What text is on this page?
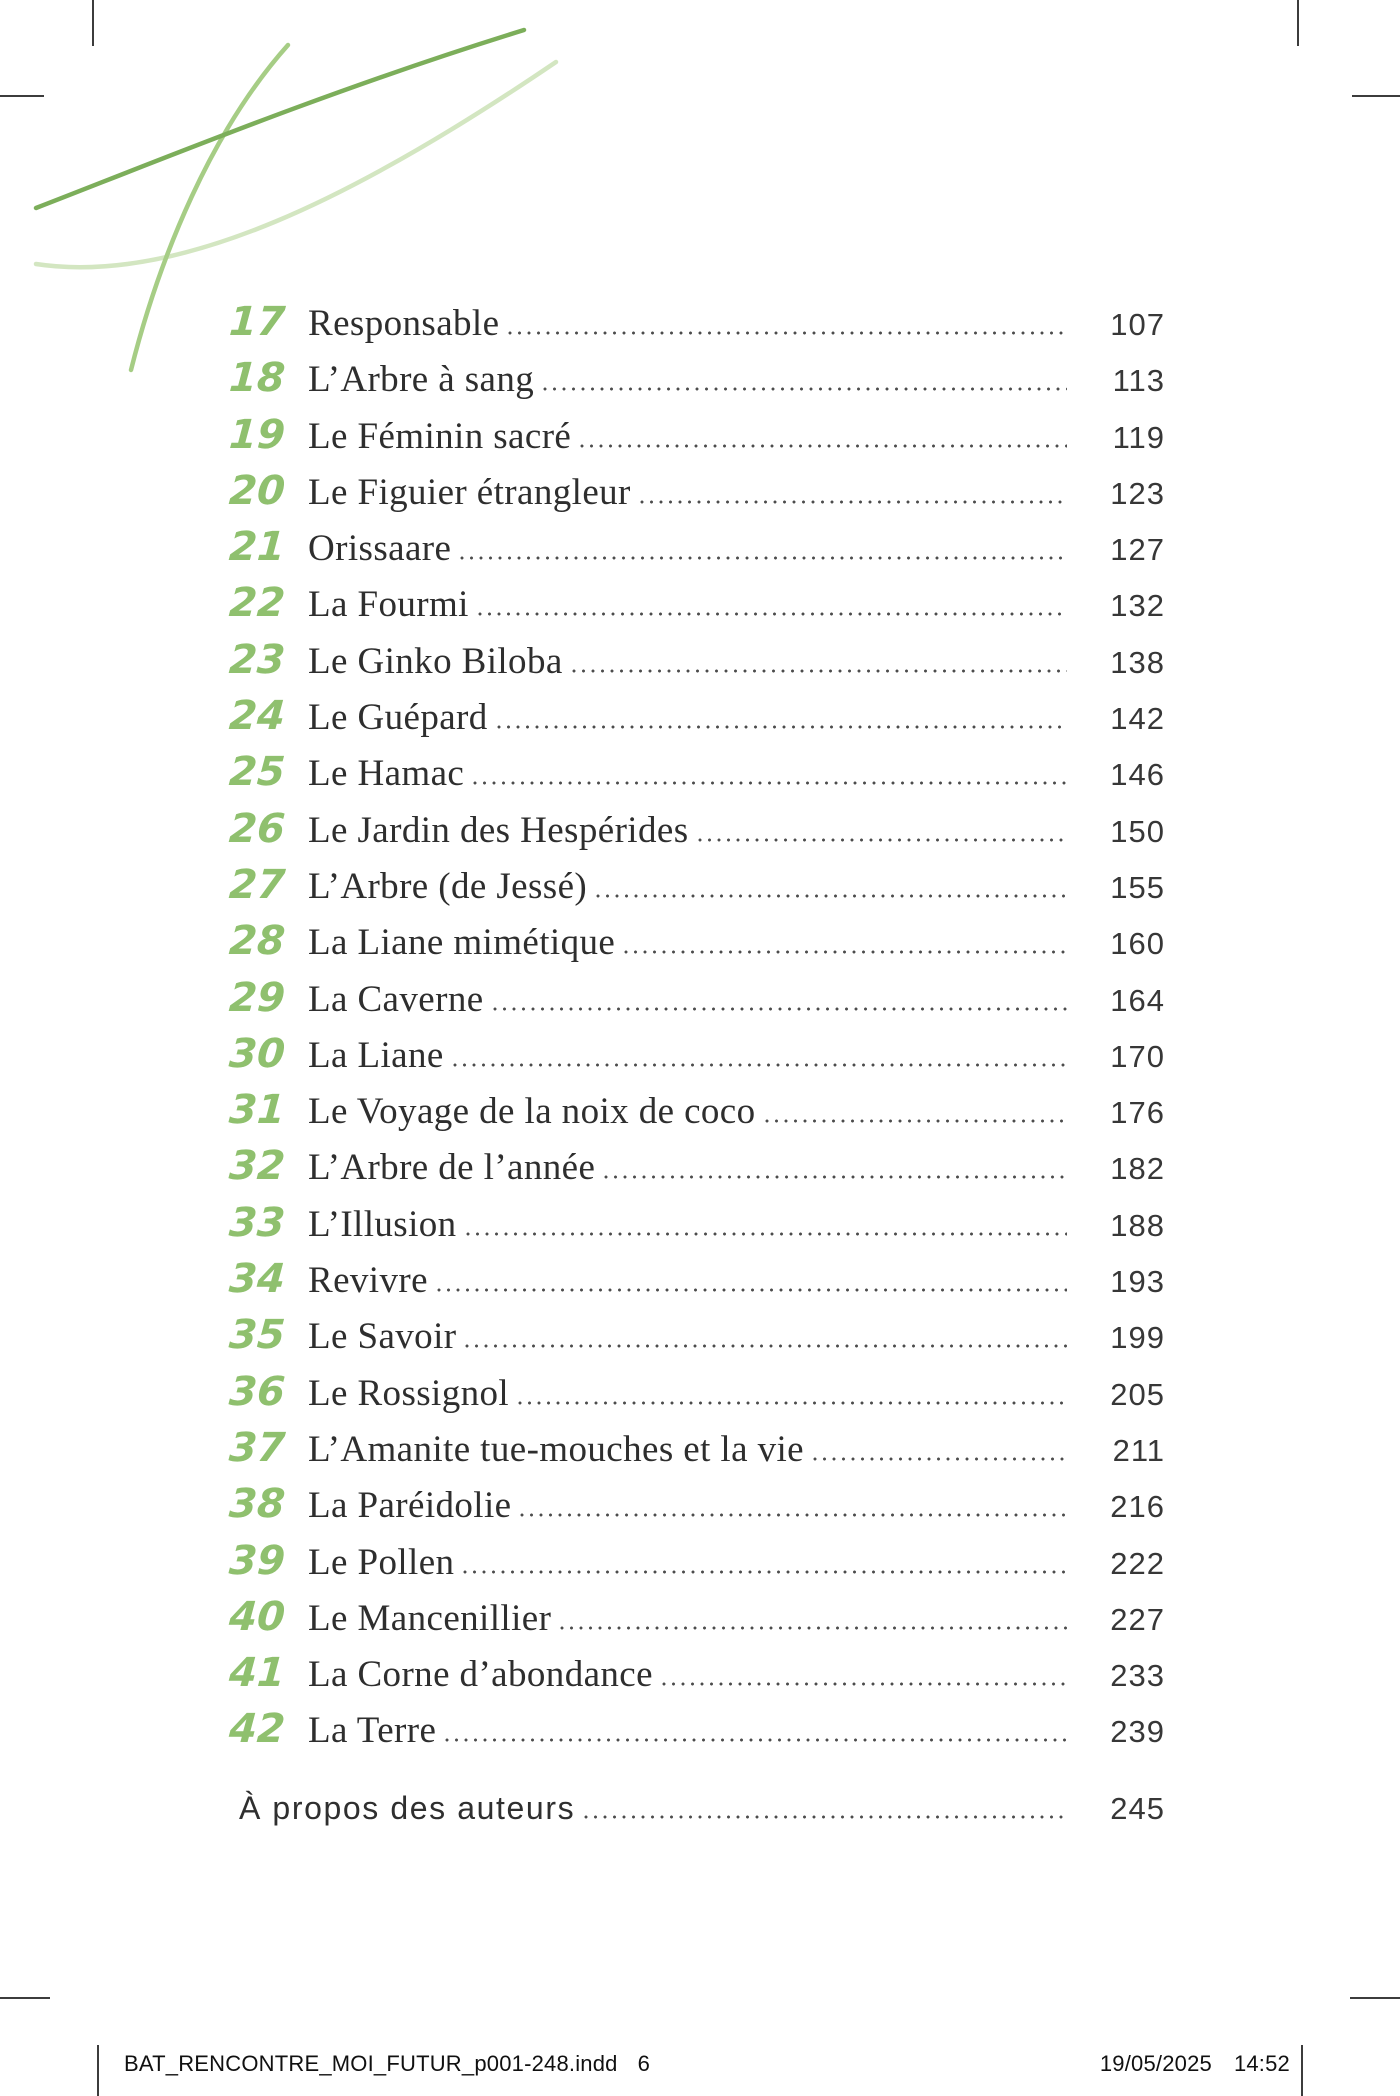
17 Responsable	107
18 L’Arbre à sang	113
19 Le Féminin sacré	119
20 Le Figuier étrangleur	123
21 Orissaare	127
22 La Fourmi	132
23 Le Ginko Biloba	138
24 Le Guépard	142
25 Le Hamac	146
26 Le Jardin des Hespérides	150
27 L’Arbre (de Jessé)	155
28 La Liane mimétique	160
29 La Caverne	164
30 La Liane	170
31 Le Voyage de la noix de coco	176
32 L’Arbre de l’année	182
33 L’Illusion	188
34 Revivre	193
35 Le Savoir	199
36 Le Rossignol	205
37 L’Amanite tue-mouches et la vie	211
38 La Paréidolie	216
39 Le Pollen	222
40 Le Mancenillier	227
41 La Corne d’abondance	233
42 La Terre	239
À propos des auteurs	245
BAT_RENCONTRE_MOI_FUTUR_p001-248.indd 6	19/05/2025 14:52
